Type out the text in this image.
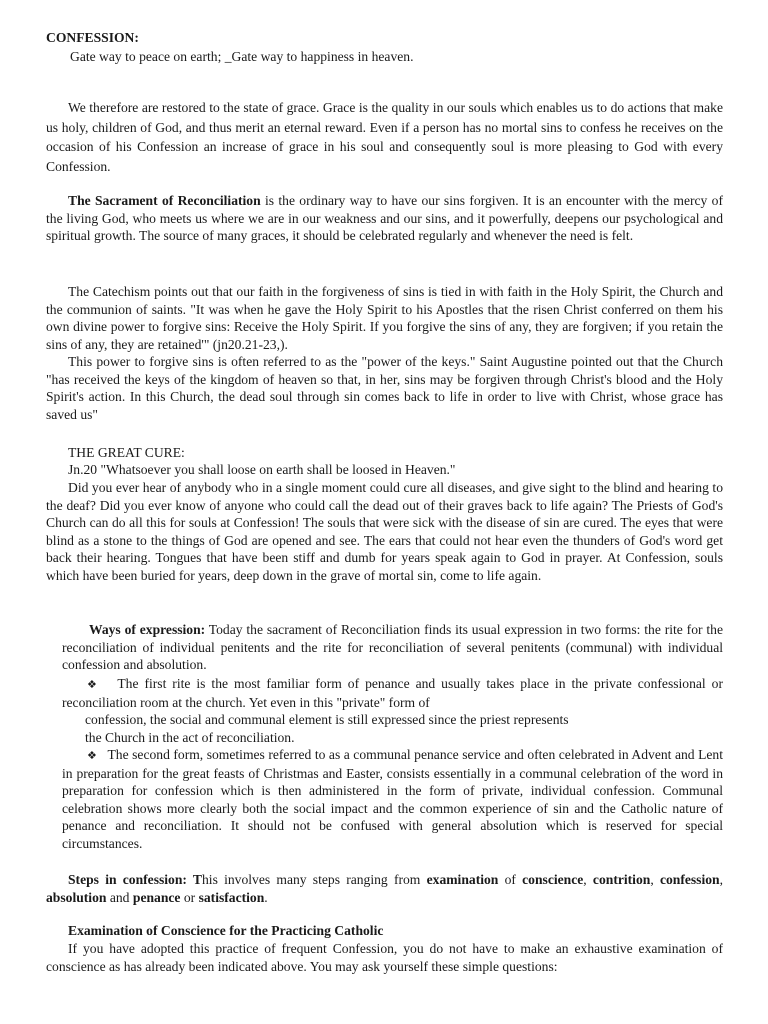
CONFESSION:
Gate way to peace on earth; _Gate way to happiness in heaven.

We therefore are restored to the state of grace. Grace is the quality in our souls which enables us to do actions that make us holy, children of God, and thus merit an eternal reward. Even if a person has no mortal sins to confess he receives on the occasion of his Confession an increase of grace in his soul and consequently soul is more pleasing to God with every Confession.

The Sacrament of Reconciliation is the ordinary way to have our sins forgiven. It is an encounter with the mercy of the living God, who meets us where we are in our weakness and our sins, and it powerfully, deepens our psychological and spiritual growth. The source of many graces, it should be celebrated regularly and whenever the need is felt.

The Catechism points out that our faith in the forgiveness of sins is tied in with faith in the Holy Spirit, the Church and the communion of saints. "It was when he gave the Holy Spirit to his Apostles that the risen Christ conferred on them his own divine power to forgive sins: Receive the Holy Spirit. If you forgive the sins of any, they are forgiven; if you retain the sins of any, they are retained'" (jn20.21-23,).

This power to forgive sins is often referred to as the "power of the keys." Saint Augustine pointed out that the Church "has received the keys of the kingdom of heaven so that, in her, sins may be forgiven through Christ's blood and the Holy Spirit's action. In this Church, the dead soul through sin comes back to life in order to live with Christ, whose grace has saved us"

THE GREAT CURE:
Jn.20 "Whatsoever you shall loose on earth shall be loosed in Heaven."

Did you ever hear of anybody who in a single moment could cure all diseases, and give sight to the blind and hearing to the deaf? Did you ever know of anyone who could call the dead out of their graves back to life again? The Priests of God's Church can do all this for souls at Confession! The souls that were sick with the disease of sin are cured. The eyes that were blind as a stone to the things of God are opened and see. The ears that could not hear even the thunders of God's word get back their hearing. Tongues that have been stiff and dumb for years speak again to God in prayer. At Confession, souls which have been buried for years, deep down in the grave of mortal sin, come to life again.

Ways of expression: Today the sacrament of Reconciliation finds its usual expression in two forms: the rite for the reconciliation of individual penitents and the rite for reconciliation of several penitents (communal) with individual confession and absolution.

❖ The first rite is the most familiar form of penance and usually takes place in the private confessional or reconciliation room at the church. Yet even in this "private" form of

confession, the social and communal element is still expressed since the priest represents
the Church in the act of reconciliation.

❖ The second form, sometimes referred to as a communal penance service and often celebrated in Advent and Lent in preparation for the great feasts of Christmas and Easter, consists essentially in a communal celebration of the word in preparation for confession which is then administered in the form of private, individual confession. Communal celebration shows more clearly both the social impact and the common experience of sin and the Catholic nature of penance and reconciliation. It should not be confused with general absolution which is reserved for special circumstances.

Steps in confession: This involves many steps ranging from examination of conscience, contrition, confession, absolution and penance or satisfaction.

Examination of Conscience for the Practicing Catholic

If you have adopted this practice of frequent Confession, you do not have to make an exhaustive examination of conscience as has already been indicated above. You may ask yourself these simple questions:
